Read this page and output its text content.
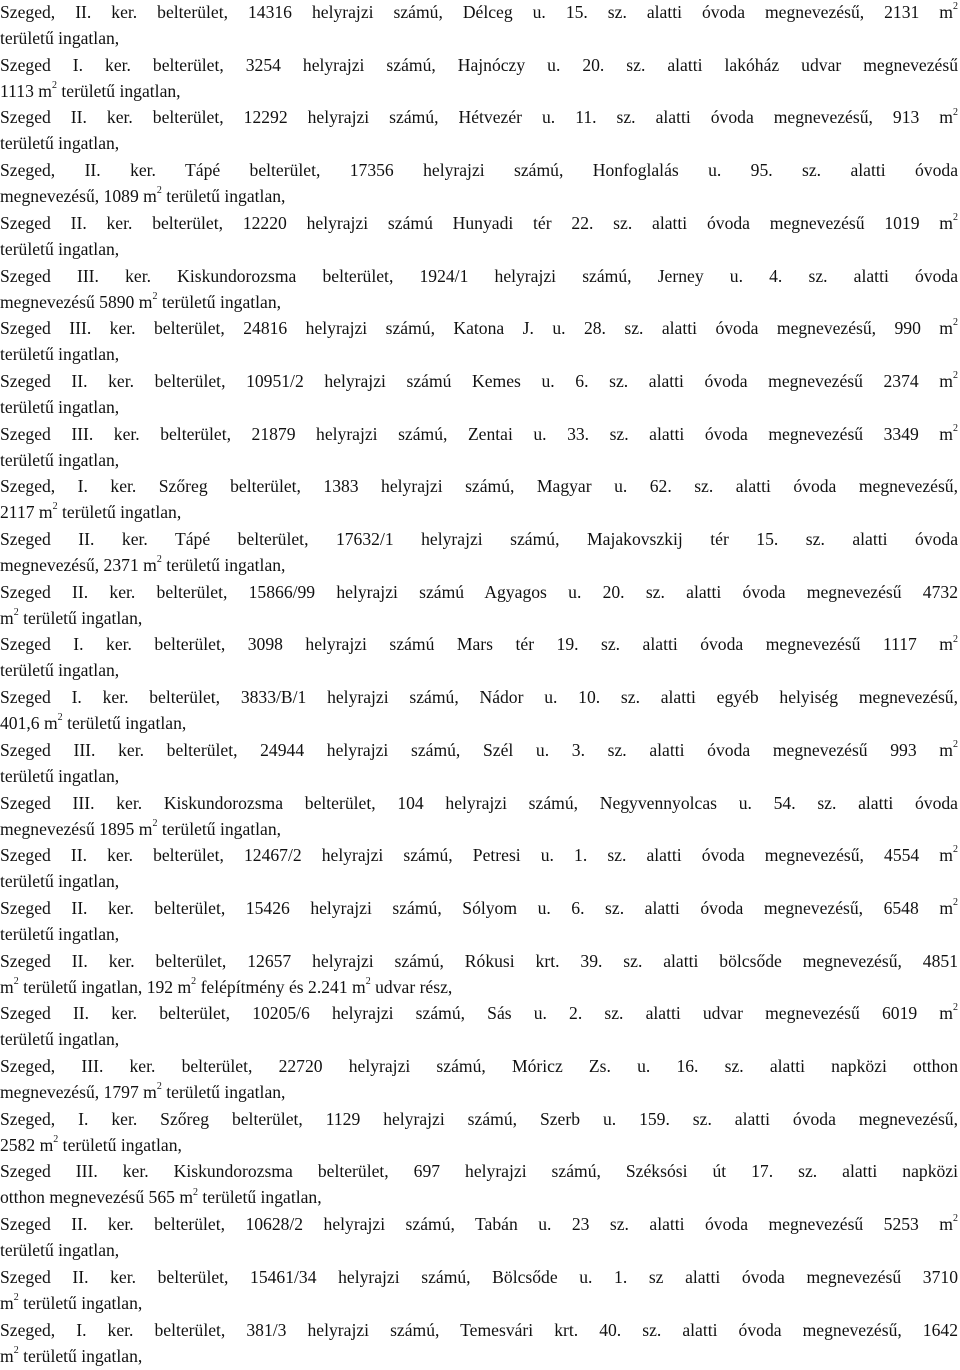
Szeged, II. ker. belterület, 14316 helyrajzi számú, Délceg u. 15. sz. alatti óvoda megnevezésű, 2131 $m^2$
területű ingatlan,
Szeged I. ker. belterület, 3254 helyrajzi számú, Hajnóczy u. 20. sz. alatti lakóház udvar megnevezésű
1113 $m^2$ területű ingatlan,
Szeged II. ker. belterület, 12292 helyrajzi számú, Hétvezér u. 11. sz. alatti óvoda megnevezésű, 913 $m^2$
területű ingatlan,
Szeged, II. ker. Tápé belterület, 17356 helyrajzi számú, Honfoglalás u. 95. sz. alatti óvoda
megnevezésű, 1089 $m^2$ területű ingatlan,
Szeged II. ker. belterület, 12220 helyrajzi számú Hunyadi tér 22. sz. alatti óvoda megnevezésű 1019 $m^2$
területű ingatlan,
Szeged III. ker. Kiskundorozsma belterület, 1924/1 helyrajzi számú, Jerney u. 4. sz. alatti óvoda
megnevezésű 5890 $m^2$ területű ingatlan,
Szeged III. ker. belterület, 24816 helyrajzi számú, Katona J. u. 28. sz. alatti óvoda megnevezésű, 990 $m^2$
területű ingatlan,
Szeged II. ker. belterület, 10951/2 helyrajzi számú Kemes u. 6. sz. alatti óvoda megnevezésű 2374 $m^2$
területű ingatlan,
Szeged III. ker. belterület, 21879 helyrajzi számú, Zentai u. 33. sz. alatti óvoda megnevezésű 3349 $m^2$
területű ingatlan,
Szeged, I. ker. Szőreg belterület, 1383 helyrajzi számú, Magyar u. 62. sz. alatti óvoda megnevezésű,
2117 $m^2$ területű ingatlan,
Szeged II. ker. Tápé belterület, 17632/1 helyrajzi számú, Majakovszkij tér 15. sz. alatti óvoda
megnevezésű, 2371 $m^2$ területű ingatlan,
Szeged II. ker. belterület, 15866/99 helyrajzi számú Agyagos u. 20. sz. alatti óvoda megnevezésű 4732
$m^2$ területű ingatlan,
Szeged I. ker. belterület, 3098 helyrajzi számú Mars tér 19. sz. alatti óvoda megnevezésű 1117 $m^2$
területű ingatlan,
Szeged I. ker. belterület, 3833/B/1 helyrajzi számú, Nádor u. 10. sz. alatti egyéb helyiség megnevezésű,
401,6 $m^2$ területű ingatlan,
Szeged III. ker. belterület, 24944 helyrajzi számú, Szél u. 3. sz. alatti óvoda megnevezésű 993 $m^2$
területű ingatlan,
Szeged III. ker. Kiskundorozsma belterület, 104 helyrajzi számú, Negyvennyolcas u. 54. sz. alatti óvoda
megnevezésű 1895 $m^2$ területű ingatlan,
Szeged II. ker. belterület, 12467/2 helyrajzi számú, Petresi u. 1. sz. alatti óvoda megnevezésű, 4554 $m^2$
területű ingatlan,
Szeged II. ker. belterület, 15426 helyrajzi számú, Sólyom u. 6. sz. alatti óvoda megnevezésű, 6548 $m^2$
területű ingatlan,
Szeged II. ker. belterület, 12657 helyrajzi számú, Rókusi krt. 39. sz. alatti bölcsőde megnevezésű, 4851
$m^2$ területű ingatlan, 192 $m^2$ felépítmény és 2.241 $m^2$ udvar rész,
Szeged II. ker. belterület, 10205/6 helyrajzi számú, Sás u. 2. sz. alatti udvar megnevezésű 6019 $m^2$
területű ingatlan,
Szeged, III. ker. belterület, 22720 helyrajzi számú, Móricz Zs. u. 16. sz. alatti napközi otthon
megnevezésű, 1797 $m^2$ területű ingatlan,
Szeged, I. ker. Szőreg belterület, 1129 helyrajzi számú, Szerb u. 159. sz. alatti óvoda megnevezésű,
2582 $m^2$ területű ingatlan,
Szeged III. ker. Kiskundorozsma belterület, 697 helyrajzi számú, Széksósi út 17. sz. alatti napközi
otthon megnevezésű 565 $m^2$ területű ingatlan,
Szeged II. ker. belterület, 10628/2 helyrajzi számú, Tabán u. 23 sz. alatti óvoda megnevezésű 5253 $m^2$
területű ingatlan,
Szeged II. ker. belterület, 15461/34 helyrajzi számú, Bölcsőde u. 1. sz alatti óvoda megnevezésű 3710
$m^2$ területű ingatlan,
Szeged, I. ker. belterület, 381/3 helyrajzi számú, Temesvári krt. 40. sz. alatti óvoda megnevezésű, 1642
$m^2$ területű ingatlan,
